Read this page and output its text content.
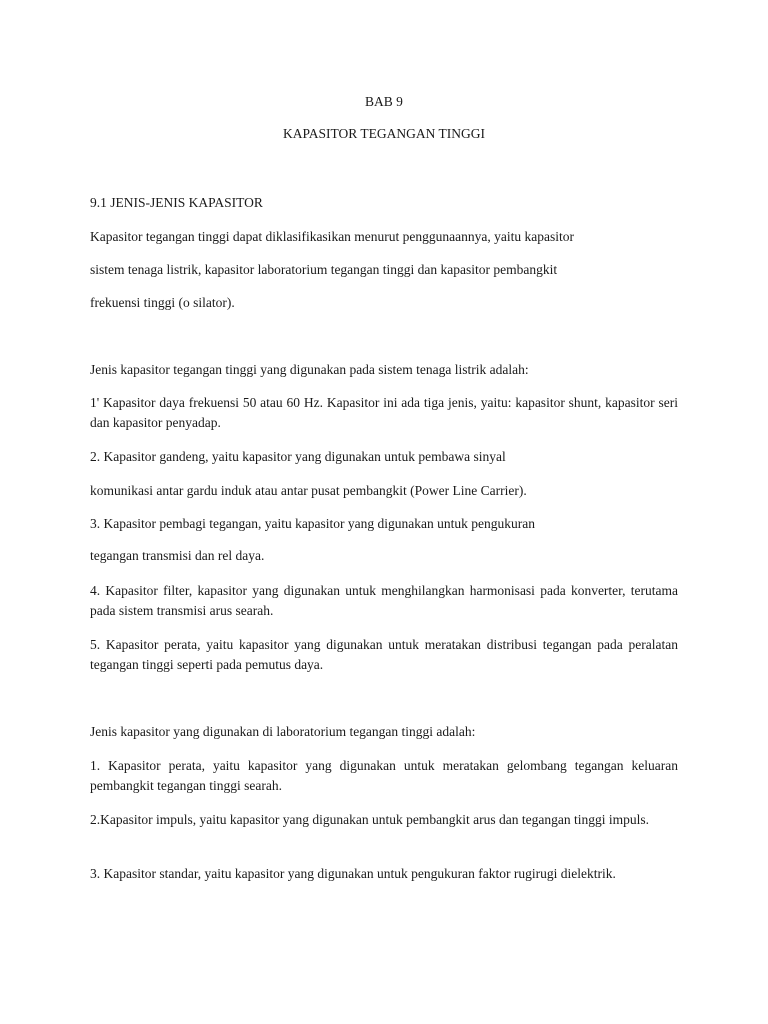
BAB 9
KAPASITOR TEGANGAN TINGGI
9.1 JENIS-JENIS KAPASITOR

Kapasitor tegangan tinggi dapat diklasifikasikan menurut penggunaannya, yaitu kapasitor

sistem tenaga listrik, kapasitor laboratorium tegangan tinggi dan kapasitor pembangkit

frekuensi tinggi (o silator).

Jenis kapasitor tegangan tinggi yang digunakan pada sistem tenaga listrik adalah:

1' Kapasitor daya frekuensi 50 atau 60 Hz. Kapasitor ini ada tiga jenis, yaitu: kapasitor shunt, kapasitor seri dan kapasitor penyadap.

2. Kapasitor gandeng, yaitu kapasitor yang digunakan untuk pembawa sinyal

komunikasi antar gardu induk atau antar pusat pembangkit (Power Line Carrier).

3. Kapasitor pembagi tegangan, yaitu kapasitor yang digunakan untuk pengukuran

tegangan transmisi dan rel daya.

4. Kapasitor filter, kapasitor yang digunakan untuk menghilangkan harmonisasi pada konverter, terutama pada sistem transmisi arus searah.

5. Kapasitor perata, yaitu kapasitor yang digunakan untuk meratakan distribusi tegangan pada peralatan tegangan tinggi seperti pada pemutus daya.

Jenis kapasitor yang digunakan di laboratorium tegangan tinggi adalah:

1. Kapasitor perata, yaitu kapasitor yang digunakan untuk meratakan gelombang tegangan keluaran pembangkit tegangan tinggi searah.

2.Kapasitor impuls, yaitu kapasitor yang digunakan untuk pembangkit arus dan tegangan tinggi impuls.

3. Kapasitor standar, yaitu kapasitor yang digunakan untuk pengukuran faktor rugirugi dielektrik.
